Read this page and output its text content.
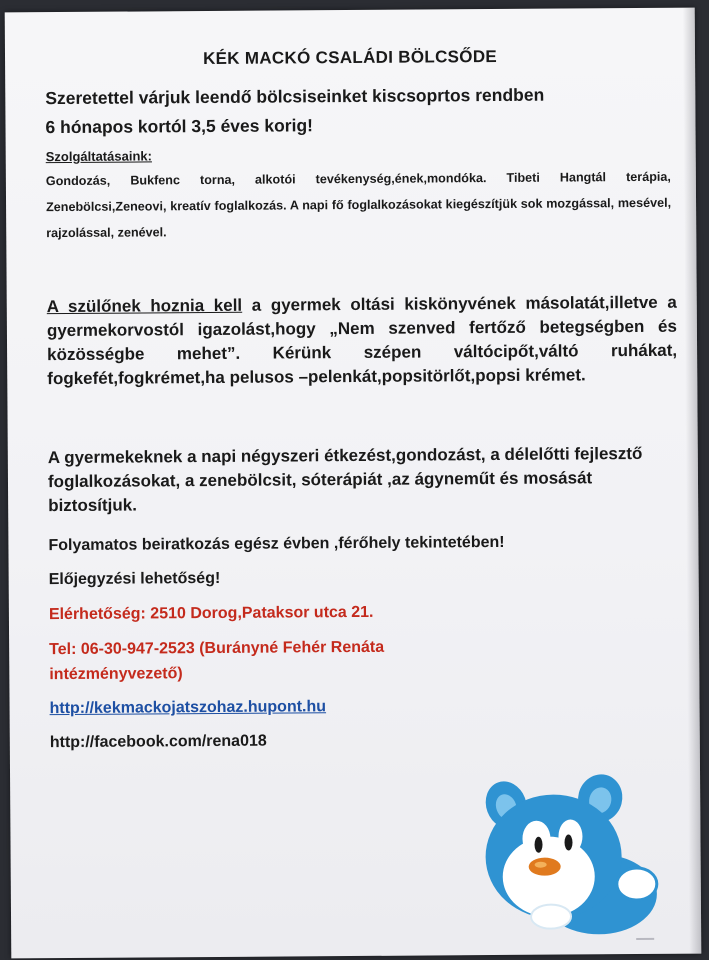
KÉK MACKÓ CSALÁDI BÖLCSŐDE
Szeretettel várjuk leendő bölcsiseinket kiscsoprtos rendben
6 hónapos kortól 3,5 éves korig!
Szolgáltatásaink:
Gondozás, Bukfenc torna, alkotói tevékenység,ének,mondóka. Tibeti Hangtál terápia, Zenebölcsi,Zeneovi, kreatív foglalkozás. A napi fő foglalkozásokat kiegészítjük sok mozgással, mesével, rajzolással, zenével.
A szülőnek hoznia kell a gyermek oltási kiskönyvének másolatát,illetve a gyermekorvostól igazolást,hogy „Nem szenved fertőző betegségben és közösségbe mehet”. Kérünk szépen váltócipőt,váltó ruhákat, fogkefét,fogkrémet,ha pelusos –pelenkát,popsitörlőt,popsi krémet.
A gyermekeknek a napi négyszeri étkezést,gondozást, a délelőtti fejlesztő foglalkozásokat, a zenebölcsit, sóterápiát ,az ágyneműt és mosását biztosítjuk.
Folyamatos beiratkozás egész évben ,férőhely tekintetében!
Előjegyzési lehetőség!
Elérhetőség: 2510 Dorog,Pataksor utca 21.
Tel: 06-30-947-2523 (Burányné Fehér Renáta
intézményvezető)
http://kekmackojatszohaz.hupont.hu
http://facebook.com/rena018
